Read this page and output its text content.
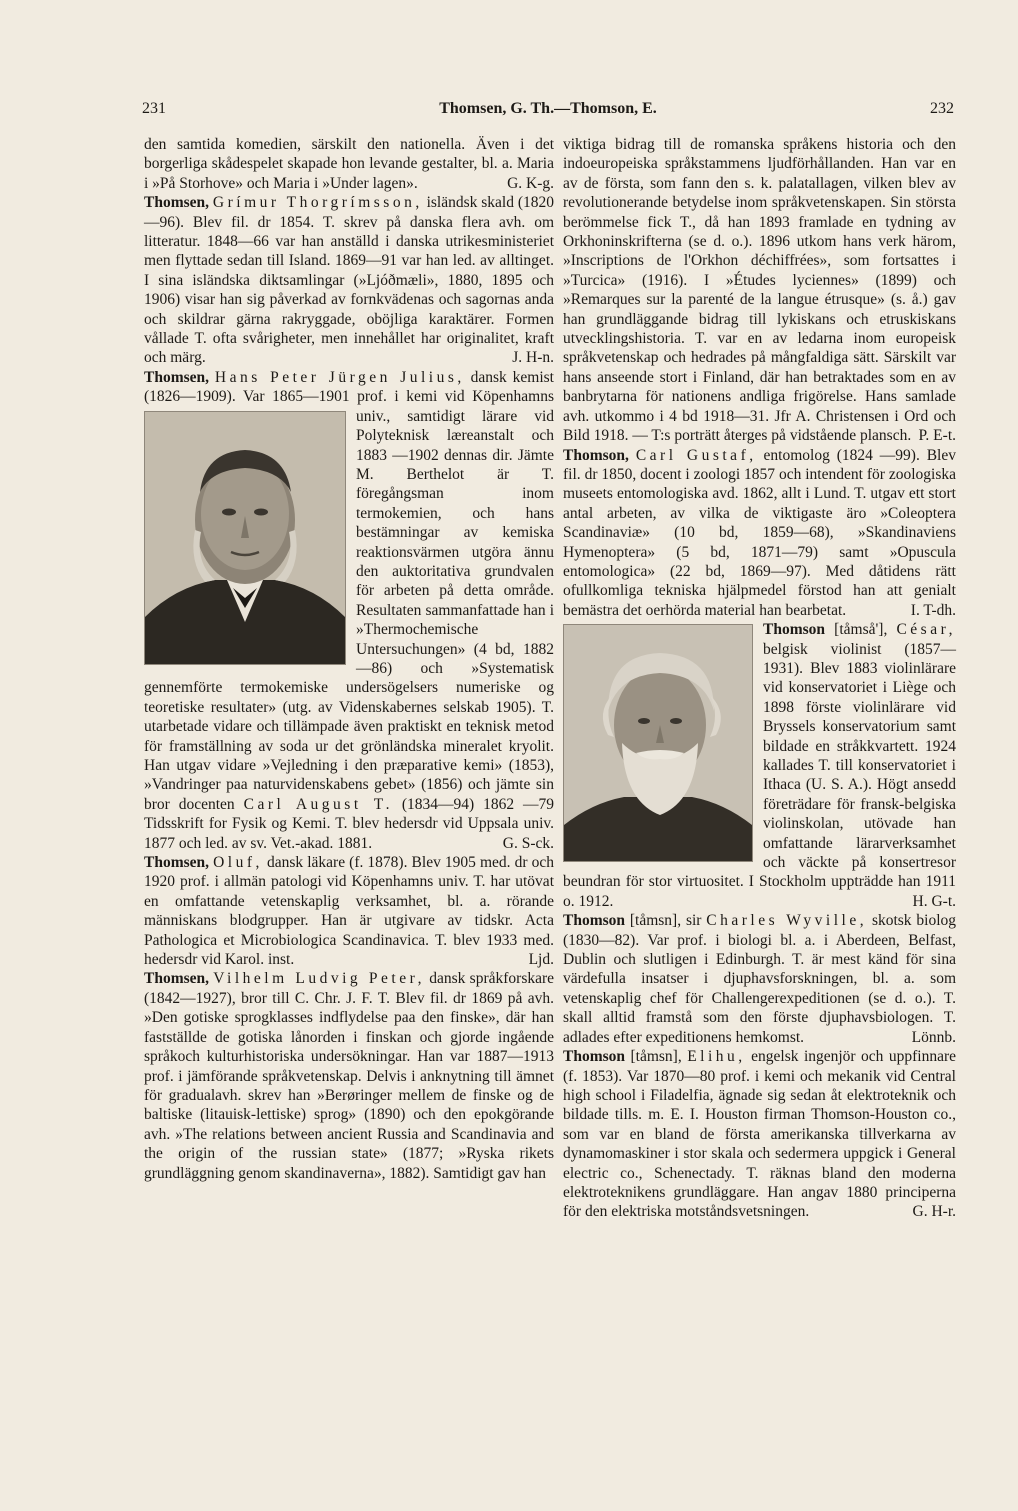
231	Thomsen, G. Th.—Thomson, E.	232

den samtida komedien, särskilt den nationella. Även i det borgerliga skådespelet skapade hon levande gestalter, bl. a. Maria i »På Storhove» och Maria i »Under lagen».	G. K-g.

Thomsen, Grímur Thorgrímsson, isländsk skald (1820—96). Blev fil. dr 1854. T. skrev på danska flera avh. om litteratur. 1848—66 var han anställd i danska utrikesministeriet men flyttade sedan till Island. 1869—91 var han led. av alltinget. I sina isländska diktsamlingar (»Ljóðmæli», 1880, 1895 och 1906) visar han sig påverkad av fornkvädenas och sagornas anda och skildrar gärna rakryggade, oböjliga karaktärer. Formen vållade T. ofta svårigheter, men innehållet har originalitet, kraft och märg.	J. H-n.

Thomsen, Hans Peter Jürgen Julius, dansk kemist (1826—1909). Var 1865—1901 prof. i kemi vid Köpenhamns univ., samtidigt lärare vid Polyteknisk læreanstalt och 1883 —1902 dennas dir. Jämte M. Berthelot är T. föregångsman inom termokemien, och hans bestämningar av kemiska reaktionsvärmen utgöra ännu den auktoritativa grundvalen för arbeten på detta område. Resultaten sammanfattade han i »Thermochemische Untersuchungen» (4 bd, 1882—86) och »Systematisk gennemförte termokemiske undersögelsers numeriske og teoretiske resultater» (utg. av Videnskabernes selskab 1905). T. utarbetade vidare och tillämpade även praktiskt en teknisk metod för framställning av soda ur det grönländska mineralet kryolit. Han utgav vidare »Vejledning i den præparative kemi» (1853), »Vandringer paa naturvidenskabens gebet» (1856) och jämte sin bror docenten Carl August T. (1834—94) 1862 —79 Tidsskrift for Fysik og Kemi. T. blev hedersdr vid Uppsala univ. 1877 och led. av sv. Vet.-akad. 1881.	G. S-ck.

Thomsen, Oluf, dansk läkare (f. 1878). Blev 1905 med. dr och 1920 prof. i allmän patologi vid Köpenhamns univ. T. har utövat en omfattande vetenskaplig verksamhet, bl. a. rörande människans blodgrupper. Han är utgivare av tidskr. Acta Pathologica et Microbiologica Scandinavica. T. blev 1933 med. hedersdr vid Karol. inst.	Ljd.

Thomsen, Vilhelm Ludvig Peter, dansk språkforskare (1842—1927), bror till C. Chr. J. F. T. Blev fil. dr 1869 på avh. »Den gotiske sprogklasses indflydelse paa den finske», där han fastställde de gotiska lånorden i finskan och gjorde ingående språkoch kulturhistoriska undersökningar. Han var 1887—1913 prof. i jämförande språkvetenskap. Delvis i anknytning till ämnet för gradualavh. skrev han »Berøringer mellem de finske og de baltiske (litauisk-lettiske) sprog» (1890) och den epokgörande avh. »The relations between ancient Russia and Scandinavia and the origin of the russian state» (1877; »Ryska rikets grundläggning genom skandinaverna», 1882). Samtidigt gav han

viktiga bidrag till de romanska språkens historia och den indoeuropeiska språkstammens ljudförhållanden. Han var en av de första, som fann den s. k. palatallagen, vilken blev av revolutionerande betydelse inom språkvetenskapen. Sin största berömmelse fick T., då han 1893 framlade en tydning av Orkhoninskrifterna (se d. o.). 1896 utkom hans verk härom, »Inscriptions de l'Orkhon déchiffrées», som fortsattes i »Turcica» (1916). I »Études lyciennes» (1899) och »Remarques sur la parenté de la langue étrusque» (s. å.) gav han grundläggande bidrag till lykiskans och etruskiskans utvecklingshistoria. T. var en av ledarna inom europeisk språkvetenskap och hedrades på mångfaldiga sätt. Särskilt var hans anseende stort i Finland, där han betraktades som en av banbrytarna för nationens andliga frigörelse. Hans samlade avh. utkommo i 4 bd 1918—31. Jfr A. Christensen i Ord och Bild 1918. — T:s porträtt återges på vidstående plansch. P. E-t.

Thomson, Carl Gustaf, entomolog (1824 —99). Blev fil. dr 1850, docent i zoologi 1857 och intendent för zoologiska museets entomologiska avd. 1862, allt i Lund. T. utgav ett stort antal arbeten, av vilka de viktigaste äro »Coleoptera Scandinaviæ» (10 bd, 1859—68), »Skandinaviens Hymenoptera» (5 bd, 1871—79) samt »Opuscula entomologica» (22 bd, 1869—97). Med dåtidens rätt ofullkomliga tekniska hjälpmedel förstod han att genialt bemästra det oerhörda material han bearbetat.	I. T-dh.

Thomson [tåmså'], César, belgisk violinist (1857—1931). Blev 1883 violinlärare vid konservatoriet i Liège och 1898 förste violinlärare vid Bryssels konservatorium samt bildade en stråkkvartett. 1924 kallades T. till konservatoriet i Ithaca (U. S. A.). Högt ansedd företrädare för fransk-belgiska violinskolan, utövade han omfattande lärarverksamhet och väckte på konsertresor beundran för stor virtuositet. I Stockholm uppträdde han 1911 o. 1912.	H. G-t.

Thomson [tåmsn], sir Charles Wyville, skotsk biolog (1830—82). Var prof. i biologi bl. a. i Aberdeen, Belfast, Dublin och slutligen i Edinburgh. T. är mest känd för sina värdefulla insatser i djuphavsforskningen, bl. a. som vetenskaplig chef för Challengerexpeditionen (se d. o.). T. skall alltid framstå som den förste djuphavsbiologen. T. adlades efter expeditionens hemkomst.	Lönnb.

Thomson [tåmsn], Elihu, engelsk ingenjör och uppfinnare (f. 1853). Var 1870—80 prof. i kemi och mekanik vid Central high school i Filadelfia, ägnade sig sedan åt elektroteknik och bildade tills. m. E. I. Houston firman Thomson-Houston co., som var en bland de första amerikanska tillverkarna av dynamomaskiner i stor skala och sedermera uppgick i General electric co., Schenectady. T. räknas bland den moderna elektroteknikens grundläggare. Han angav 1880 principerna för den elektriska motståndsvetsningen.	G. H-r.
